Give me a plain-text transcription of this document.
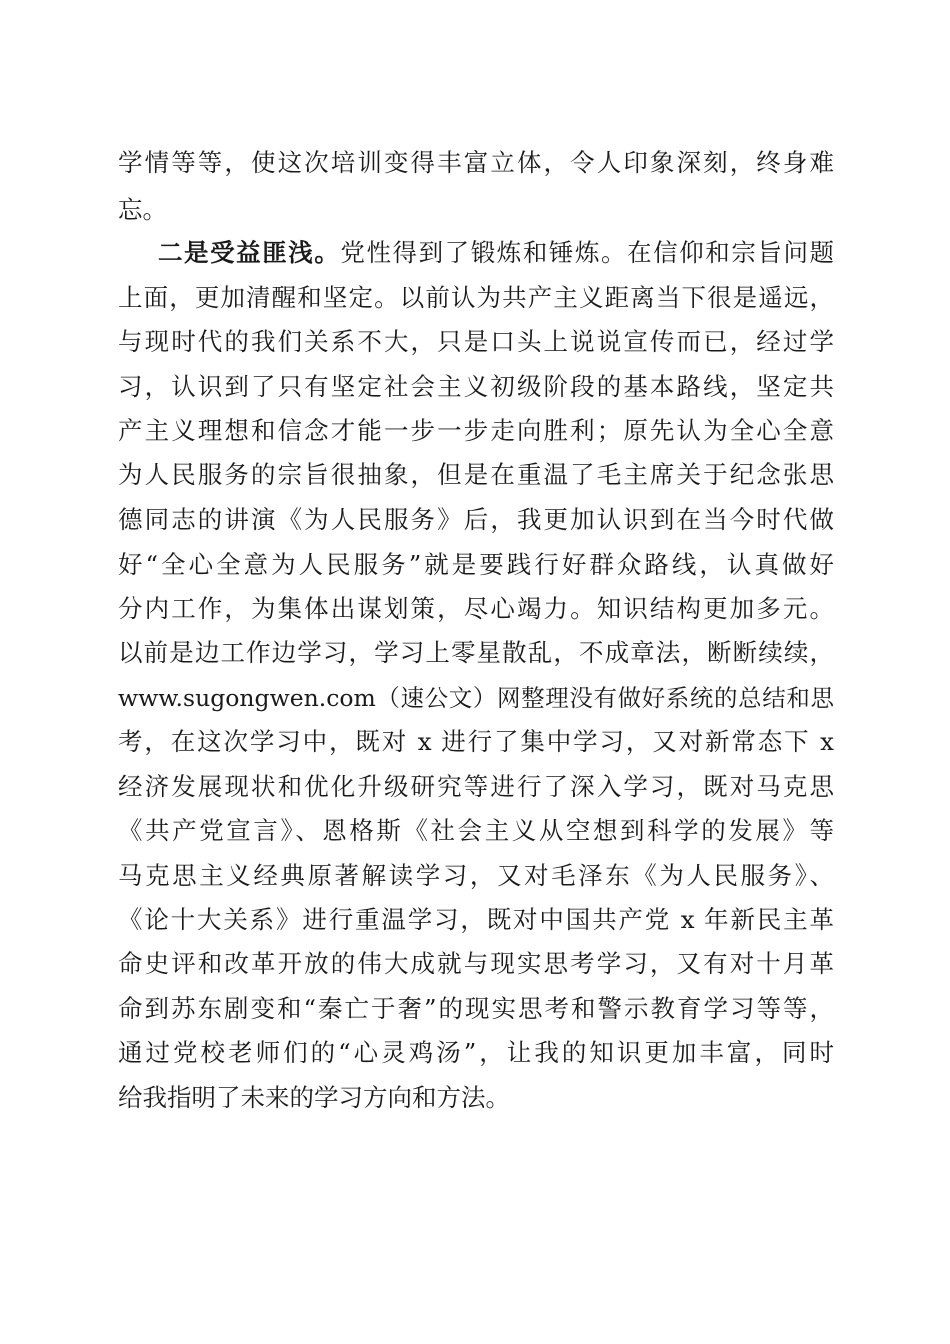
学情等等，使这次培训变得丰富立体，令人印象深刻，终身难
忘。
二是受益匪浅。党性得到了锻炼和锤炼。在信仰和宗旨问题
上面，更加清醒和坚定。以前认为共产主义距离当下很是遥远，
与现时代的我们关系不大，只是口头上说说宣传而已，经过学
习，认识到了只有坚定社会主义初级阶段的基本路线，坚定共
产主义理想和信念才能一步一步走向胜利；原先认为全心全意
为人民服务的宗旨很抽象，但是在重温了毛主席关于纪念张思
德同志的讲演《为人民服务》后，我更加认识到在当今时代做
好“全心全意为人民服务”就是要践行好群众路线，认真做好
分内工作，为集体出谋划策，尽心竭力。知识结构更加多元。
以前是边工作边学习，学习上零星散乱，不成章法，断断续续，
www.sugongwen.com（速公文）网整理没有做好系统的总结和思
考，在这次学习中，既对 x 进行了集中学习，又对新常态下 x
经济发展现状和优化升级研究等进行了深入学习，既对马克思
《共产党宣言》、恩格斯《社会主义从空想到科学的发展》等
马克思主义经典原著解读学习，又对毛泽东《为人民服务》、
《论十大关系》进行重温学习，既对中国共产党 x 年新民主革
命史评和改革开放的伟大成就与现实思考学习，又有对十月革
命到苏东剧变和“秦亡于奢”的现实思考和警示教育学习等等，
通过党校老师们的“心灵鸡汤”，让我的知识更加丰富，同时
给我指明了未来的学习方向和方法。
